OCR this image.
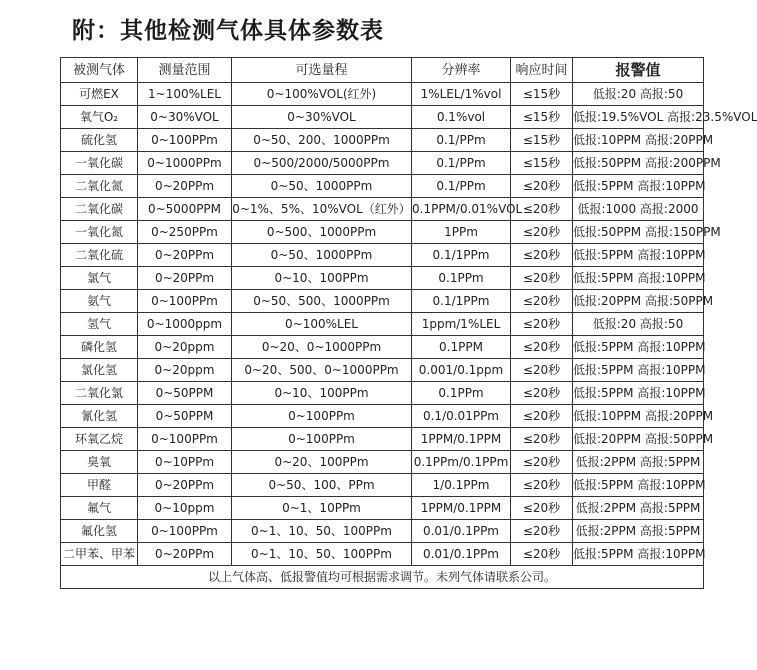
附：其他检测气体具体参数表
被测气体	测量范围	可选量程	分辨率	响应时间	报警值
可燃EX	1~100%LEL	0~100%VOL(红外)	1%LEL/1%vol	≤15秒	低报:20 高报:50
氧气O₂	0~30%VOL	0~30%VOL	0.1%vol	≤15秒	低报:19.5%VOL 高报:23.5%VOL
硫化氢	0~100PPm	0~50、200、1000PPm	0.1/PPm	≤15秒	低报:10PPM 高报:20PPM
一氧化碳	0~1000PPm	0~500/2000/5000PPm	0.1/PPm	≤15秒	低报:50PPM 高报:200PPM
二氧化氮	0~20PPm	0~50、1000PPm	0.1/PPm	≤20秒	低报:5PPM 高报:10PPM
二氧化碳	0~5000PPM	0~1%、5%、10%VOL（红外）	0.1PPM/0.01%VOL	≤20秒	低报:1000 高报:2000
一氧化氮	0~250PPm	0~500、1000PPm	1PPm	≤20秒	低报:50PPM 高报:150PPM
二氧化硫	0~20PPm	0~50、1000PPm	0.1/1PPm	≤20秒	低报:5PPM 高报:10PPM
氯气	0~20PPm	0~10、100PPm	0.1PPm	≤20秒	低报:5PPM 高报:10PPM
氨气	0~100PPm	0~50、500、1000PPm	0.1/1PPm	≤20秒	低报:20PPM 高报:50PPM
氢气	0~1000ppm	0~100%LEL	1ppm/1%LEL	≤20秒	低报:20 高报:50
磷化氢	0~20ppm	0~20、0~1000PPm	0.1PPM	≤20秒	低报:5PPM 高报:10PPM
氯化氢	0~20ppm	0~20、500、0~1000PPm	0.001/0.1ppm	≤20秒	低报:5PPM 高报:10PPM
二氧化氯	0~50PPM	0~10、100PPm	0.1PPm	≤20秒	低报:5PPM 高报:10PPM
氰化氢	0~50PPM	0~100PPm	0.1/0.01PPm	≤20秒	低报:10PPM 高报:20PPM
环氧乙烷	0~100PPm	0~100PPm	1PPM/0.1PPM	≤20秒	低报:20PPM 高报:50PPM
臭氧	0~10PPm	0~20、100PPm	0.1PPm/0.1PPm	≤20秒	低报:2PPM 高报:5PPM
甲醛	0~20PPm	0~50、100、PPm	1/0.1PPm	≤20秒	低报:5PPM 高报:10PPM
氟气	0~10ppm	0~1、10PPm	1PPM/0.1PPM	≤20秒	低报:2PPM 高报:5PPM
氟化氢	0~100PPm	0~1、10、50、100PPm	0.01/0.1PPm	≤20秒	低报:2PPM 高报:5PPM
二甲苯、甲苯	0~20PPm	0~1、10、50、100PPm	0.01/0.1PPm	≤20秒	低报:5PPM 高报:10PPM
以上气体高、低报警值均可根据需求调节。未列气体请联系公司。					
